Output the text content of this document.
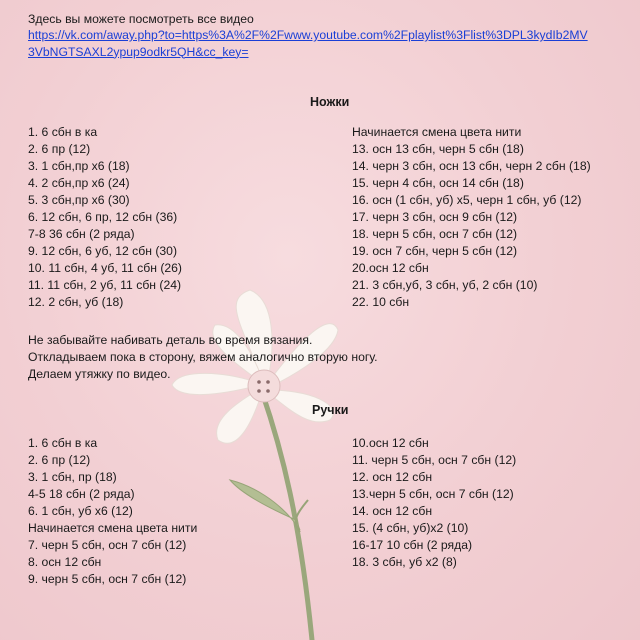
Здесь вы можете посмотреть все видео
https://vk.com/away.php?to=https%3A%2F%2Fwww.youtube.com%2Fplaylist%3Flist%3DPL3kydIb2MV
3VbNGTSAXL2ypup9odkr5QH&cc_key=
Ножки
1. 6 сбн в ка
2. 6 пр (12)
3. 1 сбн,пр х6 (18)
4. 2 сбн,пр х6 (24)
5. 3 сбн,пр х6 (30)
6. 12 сбн, 6 пр, 12 сбн (36)
7-8 36 сбн (2 ряда)
9. 12 сбн, 6 уб, 12 сбн (30)
10. 11 сбн, 4 уб, 11 сбн (26)
11. 11 сбн, 2 уб, 11 сбн (24)
12. 2 сбн, уб (18)
Начинается смена цвета нити
13. осн 13 сбн, черн 5 сбн (18)
14. черн 3 сбн, осн 13 сбн, черн 2 сбн (18)
15. черн 4 сбн, осн 14 сбн (18)
16. осн (1 сбн, уб) х5, черн 1 сбн, уб (12)
17. черн 3 сбн, осн 9 сбн (12)
18. черн 5 сбн, осн 7 сбн (12)
19. осн 7 сбн, черн 5 сбн (12)
20.осн 12 сбн
21. 3 сбн,уб, 3 сбн, уб, 2 сбн (10)
22. 10 сбн
Не забывайте набивать деталь во время вязания.
Откладываем пока в сторону, вяжем аналогично вторую ногу.
Делаем утяжку по видео.
Ручки
1. 6 сбн в ка
2. 6 пр (12)
3. 1 сбн, пр (18)
4-5 18 сбн (2 ряда)
6. 1 сбн, уб х6 (12)
Начинается смена цвета нити
7. черн 5 сбн, осн 7 сбн (12)
8. осн 12 сбн
9. черн 5 сбн, осн 7 сбн (12)
10.осн 12 сбн
11. черн 5 сбн, осн 7 сбн (12)
12. осн 12 сбн
13.черн 5 сбн, осн 7 сбн (12)
14. осн 12 сбн
15. (4 сбн, уб)х2 (10)
16-17 10 сбн (2 ряда)
18. 3 сбн, уб х2 (8)
